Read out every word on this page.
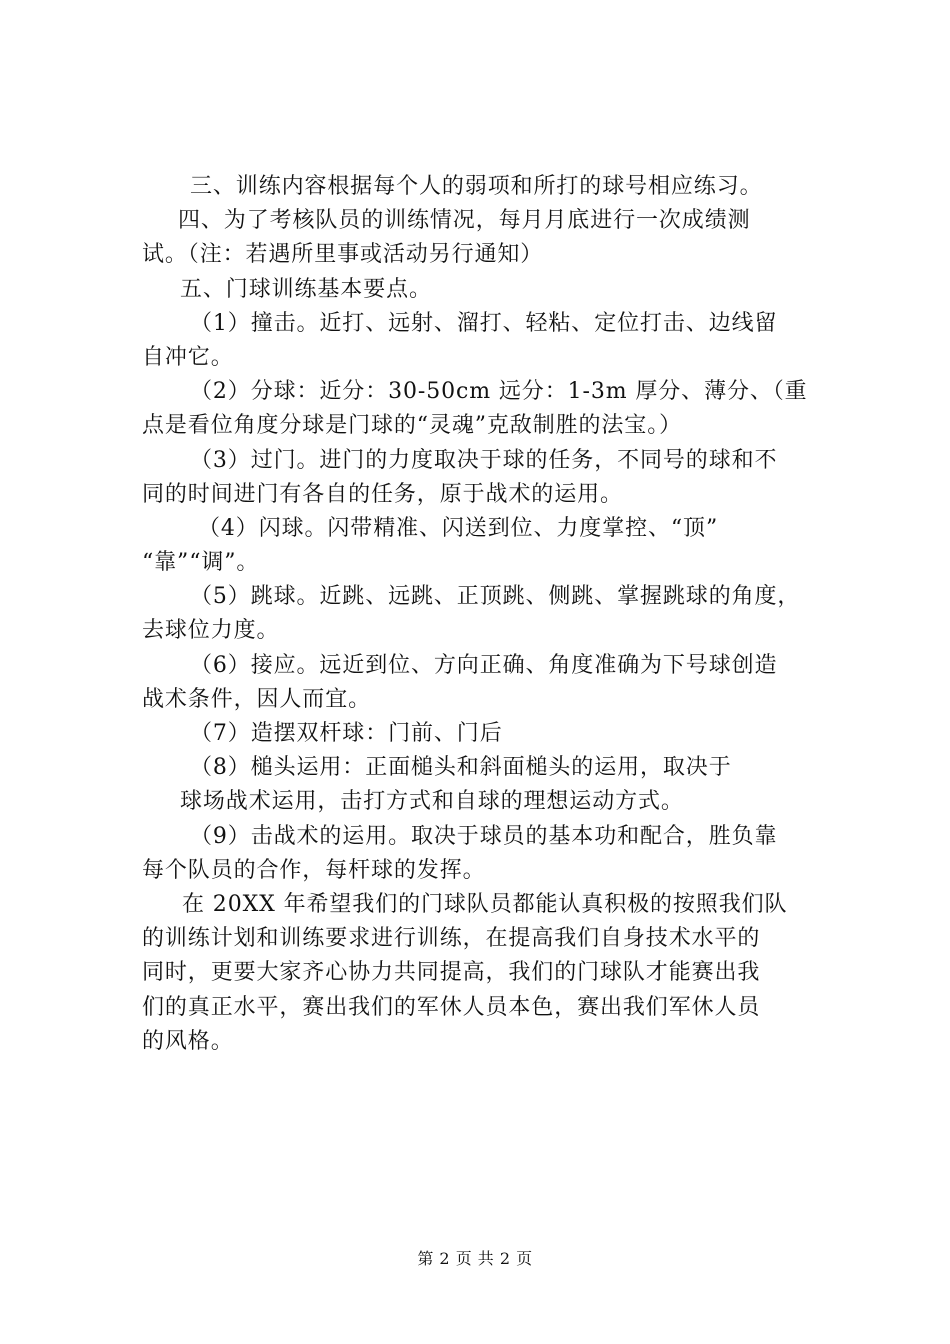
三、训练内容根据每个人的弱项和所打的球号相应练习。
四、为了考核队员的训练情况，每月月底进行一次成绩测
试。（注：若遇所里事或活动另行通知）
五、门球训练基本要点。
（1）撞击。近打、远射、溜打、轻粘、定位打击、边线留
自冲它。
（2）分球：近分：30-50cm 远分：1-3m 厚分、薄分、（重
点是看位角度分球是门球的“灵魂”克敌制胜的法宝。）
（3）过门。进门的力度取决于球的任务，不同号的球和不
同的时间进门有各自的任务，原于战术的运用。
（4）闪球。闪带精准、闪送到位、力度掌控、“顶”
“靠”“调”。
（5）跳球。近跳、远跳、正顶跳、侧跳、掌握跳球的角度，
去球位力度。
（6）接应。远近到位、方向正确、角度准确为下号球创造
战术条件，因人而宜。
（7）造摆双杆球：门前、门后
（8）槌头运用：正面槌头和斜面槌头的运用，取决于
球场战术运用，击打方式和自球的理想运动方式。
（9）击战术的运用。取决于球员的基本功和配合，胜负靠
每个队员的合作，每杆球的发挥。
在 20XX 年希望我们的门球队员都能认真积极的按照我们队
的训练计划和训练要求进行训练，在提高我们自身技术水平的
同时，更要大家齐心协力共同提高，我们的门球队才能赛出我
们的真正水平，赛出我们的军休人员本色，赛出我们军休人员
的风格。
第 2 页 共 2 页
